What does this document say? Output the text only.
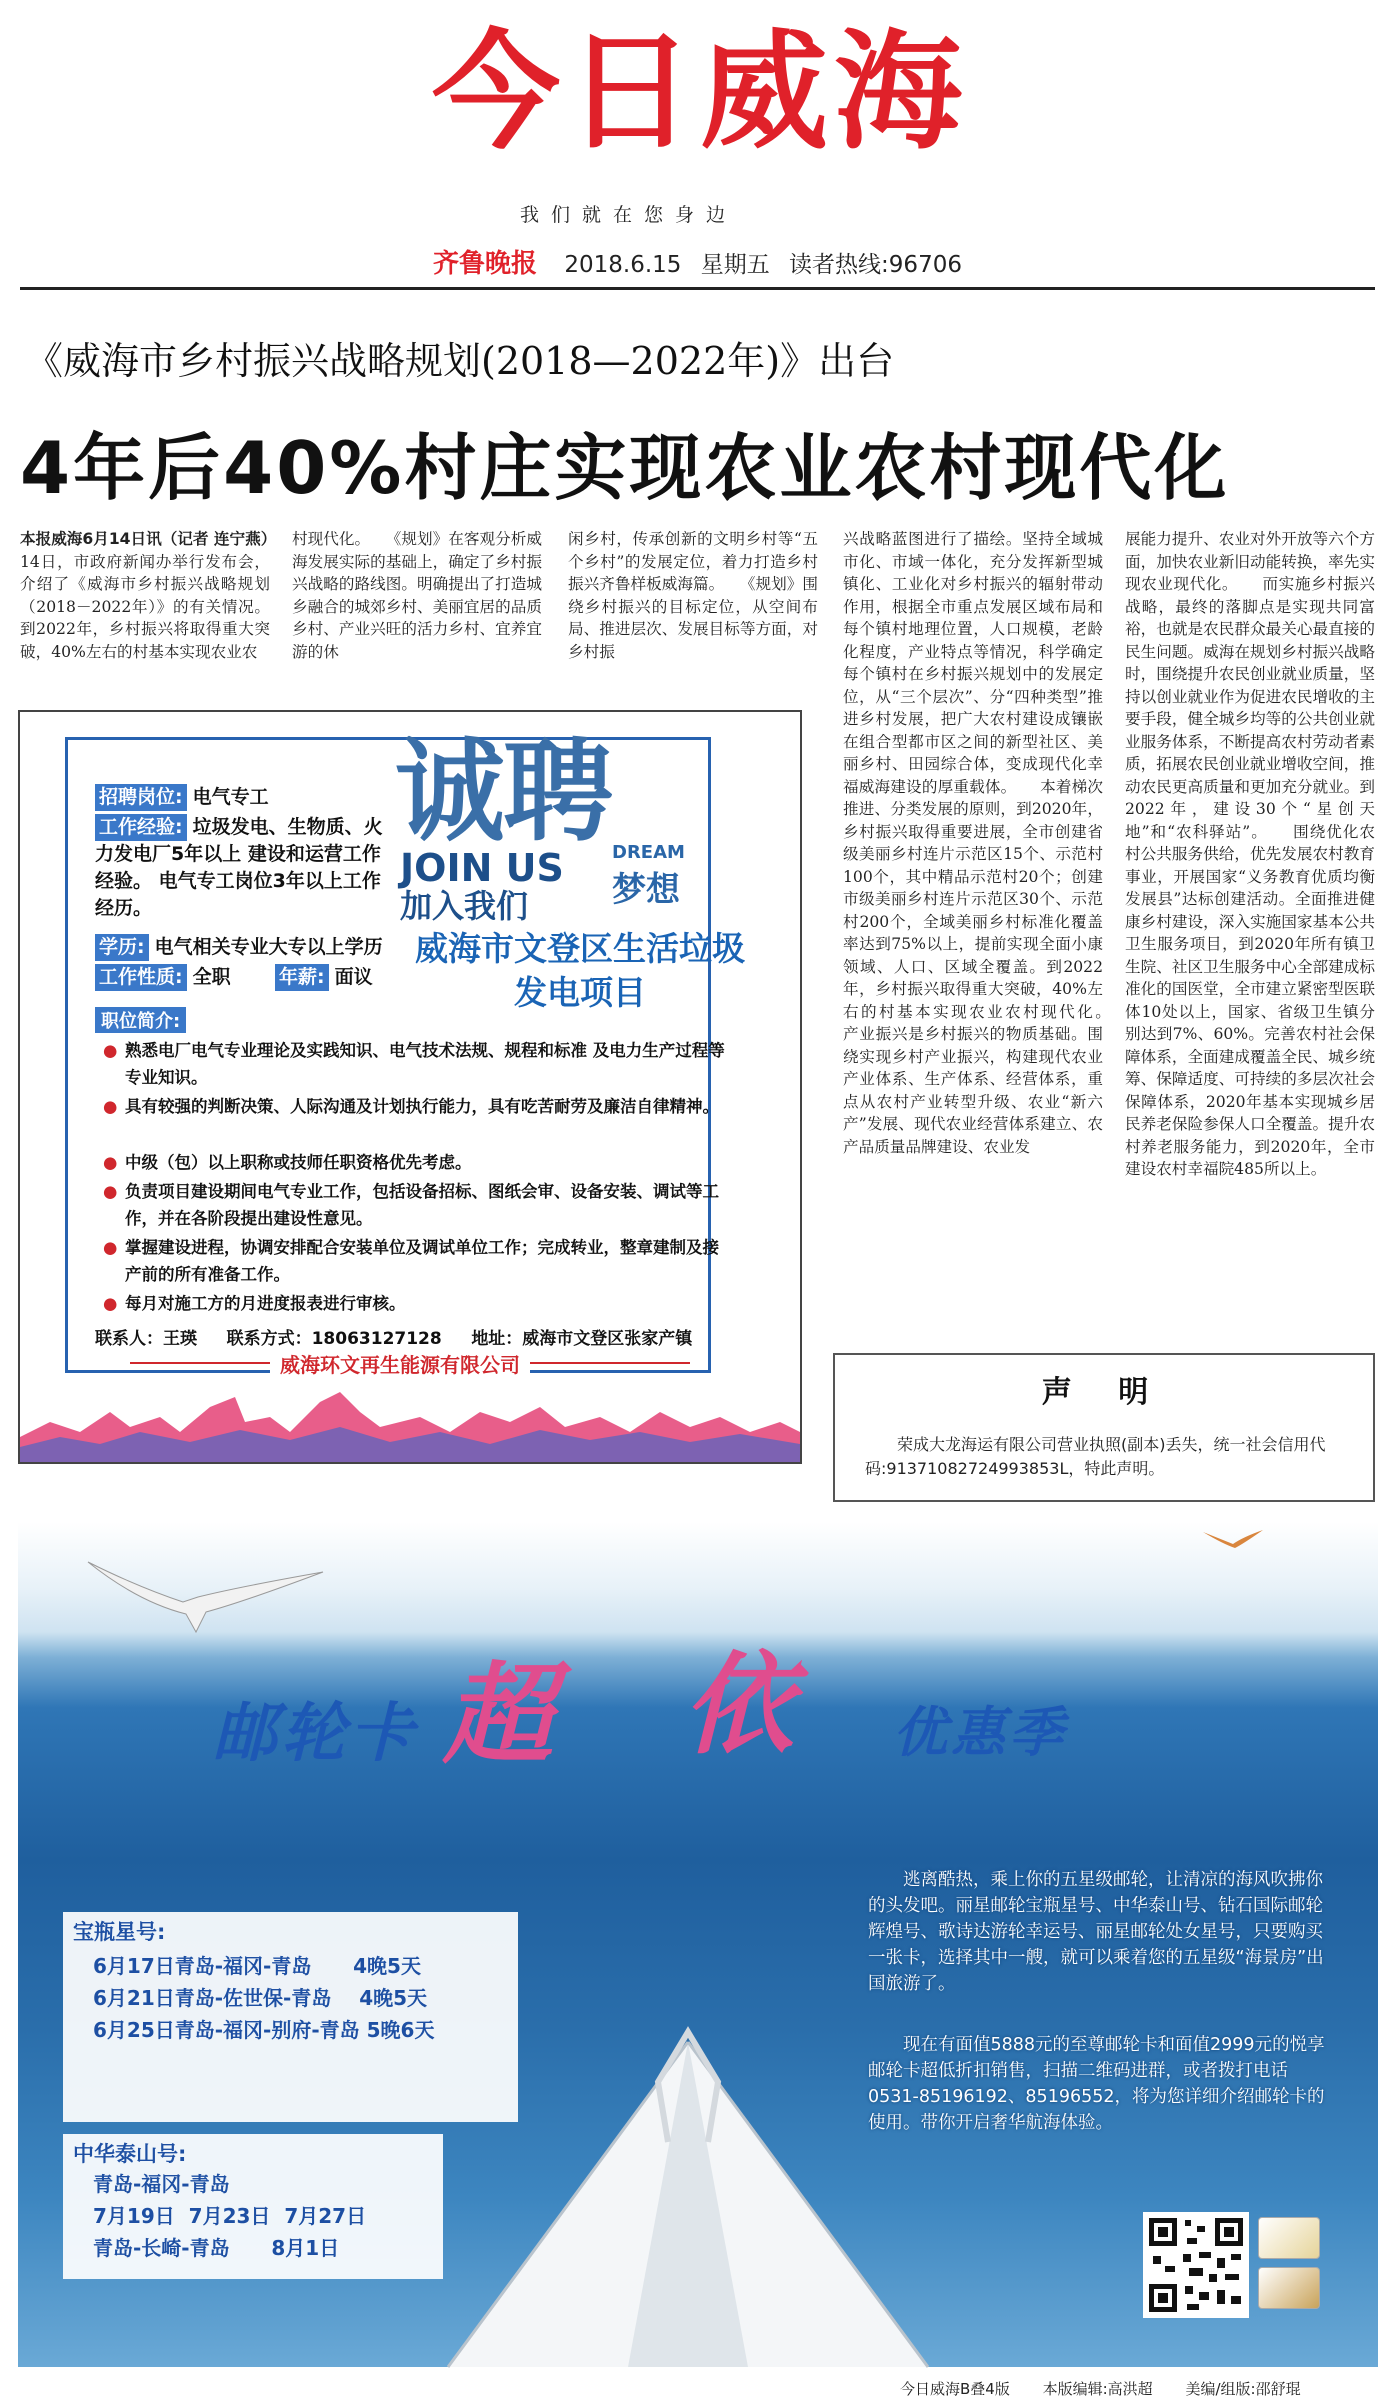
今日威海
我们就在您身边
齐鲁晚报 2018.6.15 星期五 读者热线:96706
《威海市乡村振兴战略规划(2018—2022年)》出台
4年后40%村庄实现农业农村现代化

本报威海6月14日讯（记者 连宁燕）14日，市政府新闻办举行发布会，介绍了《威海市乡村振兴战略规划（2018－2022年）》的有关情况。到2022年，乡村振兴将取得重大突破，40%左右的村基本实现农业农

村现代化。　　《规划》在客观分析威海发展实际的基础上，确定了乡村振兴战略的路线图。明确提出了打造城乡融合的城郊乡村、美丽宜居的品质乡村、产业兴旺的活力乡村、宜养宜游的休

闲乡村，传承创新的文明乡村等“五个乡村”的发展定位，着力打造乡村振兴齐鲁样板威海篇。　　《规划》围绕乡村振兴的目标定位，从空间布局、推进层次、发展目标等方面，对乡村振

兴战略蓝图进行了描绘。坚持全域城市化、市域一体化，充分发挥新型城镇化、工业化对乡村振兴的辐射带动作用，根据全市重点发展区域布局和每个镇村地理位置，人口规模，老龄化程度，产业特点等情况，科学确定每个镇村在乡村振兴规划中的发展定位，从“三个层次”、分“四种类型”推进乡村发展，把广大农村建设成镶嵌在组合型都市区之间的新型社区、美丽乡村、田园综合体，变成现代化幸福威海建设的厚重载体。　　本着梯次推进、分类发展的原则，到2020年，乡村振兴取得重要进展，全市创建省级美丽乡村连片示范区15个、示范村100个，其中精品示范村20个；创建市级美丽乡村连片示范区30个、示范村200个，全域美丽乡村标准化覆盖率达到75%以上，提前实现全面小康领域、人口、区域全覆盖。到2022年，乡村振兴取得重大突破，40%左右的村基本实现农业农村现代化。　　产业振兴是乡村振兴的物质基础。围绕实现乡村产业振兴，构建现代农业产业体系、生产体系、经营体系，重点从农村产业转型升级、农业“新六产”发展、现代农业经营体系建立、农产品质量品牌建设、农业发

展能力提升、农业对外开放等六个方面，加快农业新旧动能转换，率先实现农业现代化。　　而实施乡村振兴战略，最终的落脚点是实现共同富裕，也就是农民群众最关心最直接的民生问题。威海在规划乡村振兴战略时，围绕提升农民创业就业质量，坚持以创业就业作为促进农民增收的主要手段，健全城乡均等的公共创业就业服务体系，不断提高农村劳动者素质，拓展农民创业就业增收空间，推动农民更高质量和更加充分就业。到2022年，建设30个“星创天地”和“农科驿站”。　　围绕优化农村公共服务供给，优先发展农村教育事业，开展国家“义务教育优质均衡发展县”达标创建活动。全面推进健康乡村建设，深入实施国家基本公共卫生服务项目，到2020年所有镇卫生院、社区卫生服务中心全部建成标准化的国医堂，全市建立紧密型医联体10处以上，国家、省级卫生镇分别达到7%、60%。完善农村社会保障体系，全面建成覆盖全民、城乡统筹、保障适度、可持续的多层次社会保障体系，2020年基本实现城乡居民养老保险参保人口全覆盖。提升农村养老服务能力，到2020年，全市建设农村幸福院485所以上。

招聘岗位: 电气专工
工作经验: 垃圾发电、生物质、火力发电厂5年以上 建设和运营工作经验。 电气专工岗位3年以上工作经历。
学历: 电气相关专业大专以上学历
工作性质: 全职	年薪: 面议
诚聘
JOIN US
加入我们
DREAM
梦想
威海市文登区生活垃圾发电项目
职位简介:
● 熟悉电厂电气专业理论及实践知识、电气技术法规、规程和标准 及电力生产过程等专业知识。
● 具有较强的判断决策、人际沟通及计划执行能力，具有吃苦耐劳及廉洁自律精神。
● 中级（包）以上职称或技师任职资格优先考虑。
● 负责项目建设期间电气专业工作，包括设备招标、图纸会审、设备安装、调试等工作，并在各阶段提出建设性意见。
● 掌握建设进程，协调安排配合安装单位及调试单位工作；完成转业，整章建制及接产前的所有准备工作。
● 每月对施工方的月进度报表进行审核。
联系人：王瑛 联系方式：18063127128 地址：威海市文登区张家产镇
威海环文再生能源有限公司
声 明
荣成大龙海运有限公司营业执照(副本)丢失，统一社会信用代码:91371082724993853L，特此声明。
邮轮卡 超 依 优惠季
宝瓶星号:
6月17日青岛-福冈-青岛      4晚5天
6月21日青岛-佐世保-青岛    4晚5天
6月25日青岛-福冈-别府-青岛 5晚6天
中华泰山号:
青岛-福冈-青岛
7月19日  7月23日  7月27日
青岛-长崎-青岛      8月1日
逃离酷热，乘上你的五星级邮轮，让清凉的海风吹拂你的头发吧。丽星邮轮宝瓶星号、中华泰山号、钻石国际邮轮辉煌号、歌诗达游轮幸运号、丽星邮轮处女星号，只要购买一张卡，选择其中一艘，就可以乘着您的五星级“海景房”出国旅游了。
现在有面值5888元的至尊邮轮卡和面值2999元的悦享邮轮卡超低折扣销售，扫描二维码进群，或者拨打电话0531-85196192、85196552，将为您详细介绍邮轮卡的使用。带你开启奢华航海体验。
今日威海B叠4版 本版编辑:高洪超 美编/组版:邵舒琨
